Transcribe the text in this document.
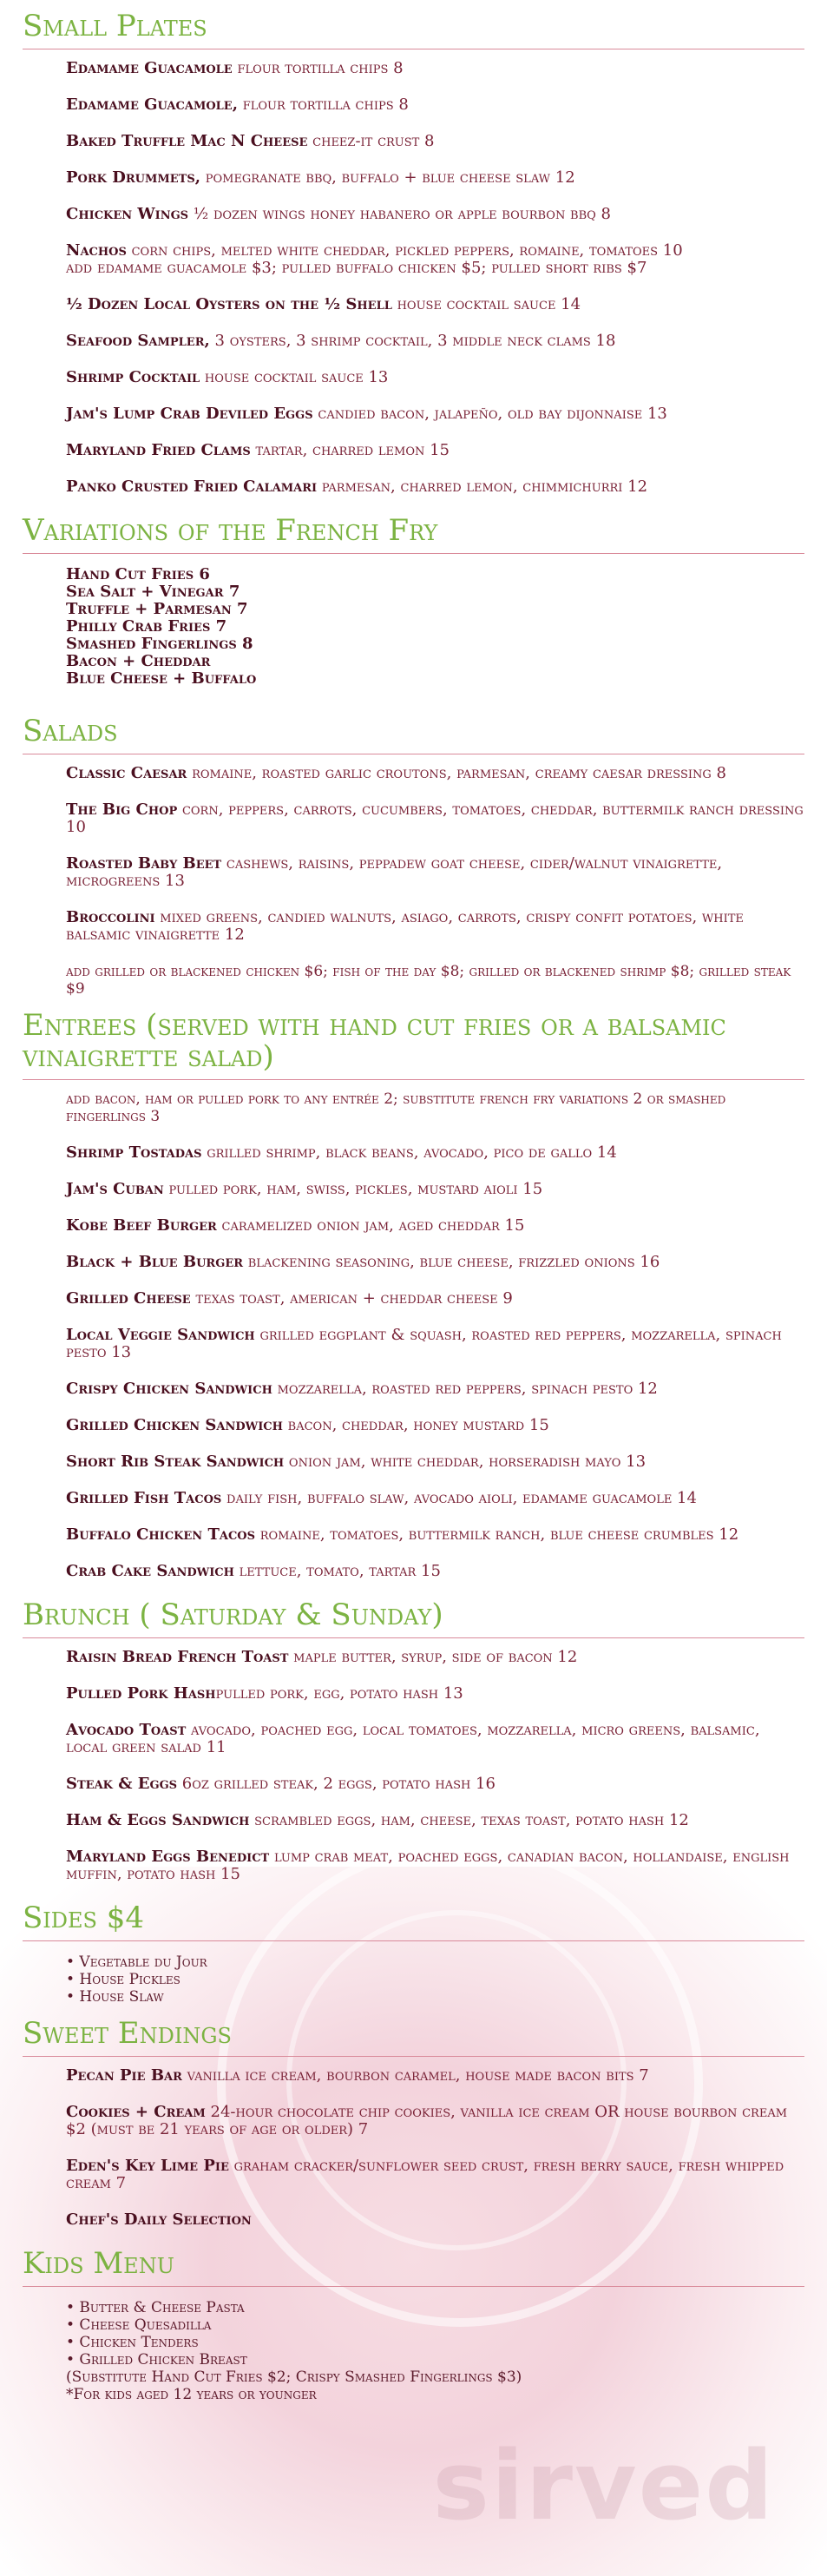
sirved
Small Plates
Edamame Guacamole flour tortilla chips 8
Edamame Guacamole, flour tortilla chips 8
Baked Truffle Mac N Cheese cheez-it crust 8
Pork Drummets, pomegranate bbq, buffalo + blue cheese slaw 12
Chicken Wings ½ dozen wings honey habanero or apple bourbon bbq 8
Nachos corn chips, melted white cheddar, pickled peppers, romaine, tomatoes 10
add edamame guacamole $3; pulled buffalo chicken $5; pulled short ribs $7
½ Dozen Local Oysters on the ½ Shell house cocktail sauce 14
Seafood Sampler, 3 oysters, 3 shrimp cocktail, 3 middle neck clams 18
Shrimp Cocktail house cocktail sauce 13
Jam's Lump Crab Deviled Eggs candied bacon, jalapeño, old bay dijonnaise 13
Maryland Fried Clams tartar, charred lemon 15
Panko Crusted Fried Calamari parmesan, charred lemon, chimmichurri 12
Variations of the French Fry
Hand Cut Fries 6
Sea Salt + Vinegar 7
Truffle + Parmesan 7
Philly Crab Fries 7
Smashed Fingerlings 8
Bacon + Cheddar
Blue Cheese + Buffalo
Salads
Classic Caesar romaine, roasted garlic croutons, parmesan, creamy caesar dressing 8
The Big Chop corn, peppers, carrots, cucumbers, tomatoes, cheddar, buttermilk ranch dressing 10
Roasted Baby Beet cashews, raisins, peppadew goat cheese, cider/walnut vinaigrette, microgreens 13
Broccolini mixed greens, candied walnuts, asiago, carrots, crispy confit potatoes, white balsamic vinaigrette 12
add grilled or blackened chicken $6; fish of the day $8; grilled or blackened shrimp $8; grilled steak $9
Entrees (served with hand cut fries or a balsamic vinaigrette salad)
add bacon, ham or pulled pork to any entrée 2; substitute french fry variations 2 or smashed fingerlings 3
Shrimp Tostadas grilled shrimp, black beans, avocado, pico de gallo 14
Jam's Cuban pulled pork, ham, swiss, pickles, mustard aioli 15
Kobe Beef Burger caramelized onion jam, aged cheddar 15
Black + Blue Burger blackening seasoning, blue cheese, frizzled onions 16
Grilled Cheese texas toast, american + cheddar cheese 9
Local Veggie Sandwich grilled eggplant & squash, roasted red peppers, mozzarella, spinach pesto 13
Crispy Chicken Sandwich mozzarella, roasted red peppers, spinach pesto 12
Grilled Chicken Sandwich bacon, cheddar, honey mustard 15
Short Rib Steak Sandwich onion jam, white cheddar, horseradish mayo 13
Grilled Fish Tacos daily fish, buffalo slaw, avocado aioli, edamame guacamole 14
Buffalo Chicken Tacos romaine, tomatoes, buttermilk ranch, blue cheese crumbles 12
Crab Cake Sandwich lettuce, tomato, tartar 15
Brunch ( Saturday & Sunday)
Raisin Bread French Toast maple butter, syrup, side of bacon 12
Pulled Pork Hashpulled pork, egg, potato hash 13
Avocado Toast avocado, poached egg, local tomatoes, mozzarella, micro greens, balsamic, local green salad 11
Steak & Eggs 6oz grilled steak, 2 eggs, potato hash 16
Ham & Eggs Sandwich scrambled eggs, ham, cheese, texas toast, potato hash 12
Maryland Eggs Benedict lump crab meat, poached eggs, canadian bacon, hollandaise, english muffin, potato hash 15
Sides $4
• Vegetable du Jour
• House Pickles
• House Slaw
Sweet Endings
Pecan Pie Bar vanilla ice cream, bourbon caramel, house made bacon bits 7
Cookies + Cream 24-hour chocolate chip cookies, vanilla ice cream OR house bourbon cream $2 (must be 21 years of age or older) 7
Eden's Key Lime Pie graham cracker/sunflower seed crust, fresh berry sauce, fresh whipped cream 7
Chef's Daily Selection
Kids Menu
• Butter & Cheese Pasta
• Cheese Quesadilla
• Chicken Tenders
• Grilled Chicken Breast
(Substitute Hand Cut Fries $2; Crispy Smashed Fingerlings $3)
*For kids aged 12 years or younger
